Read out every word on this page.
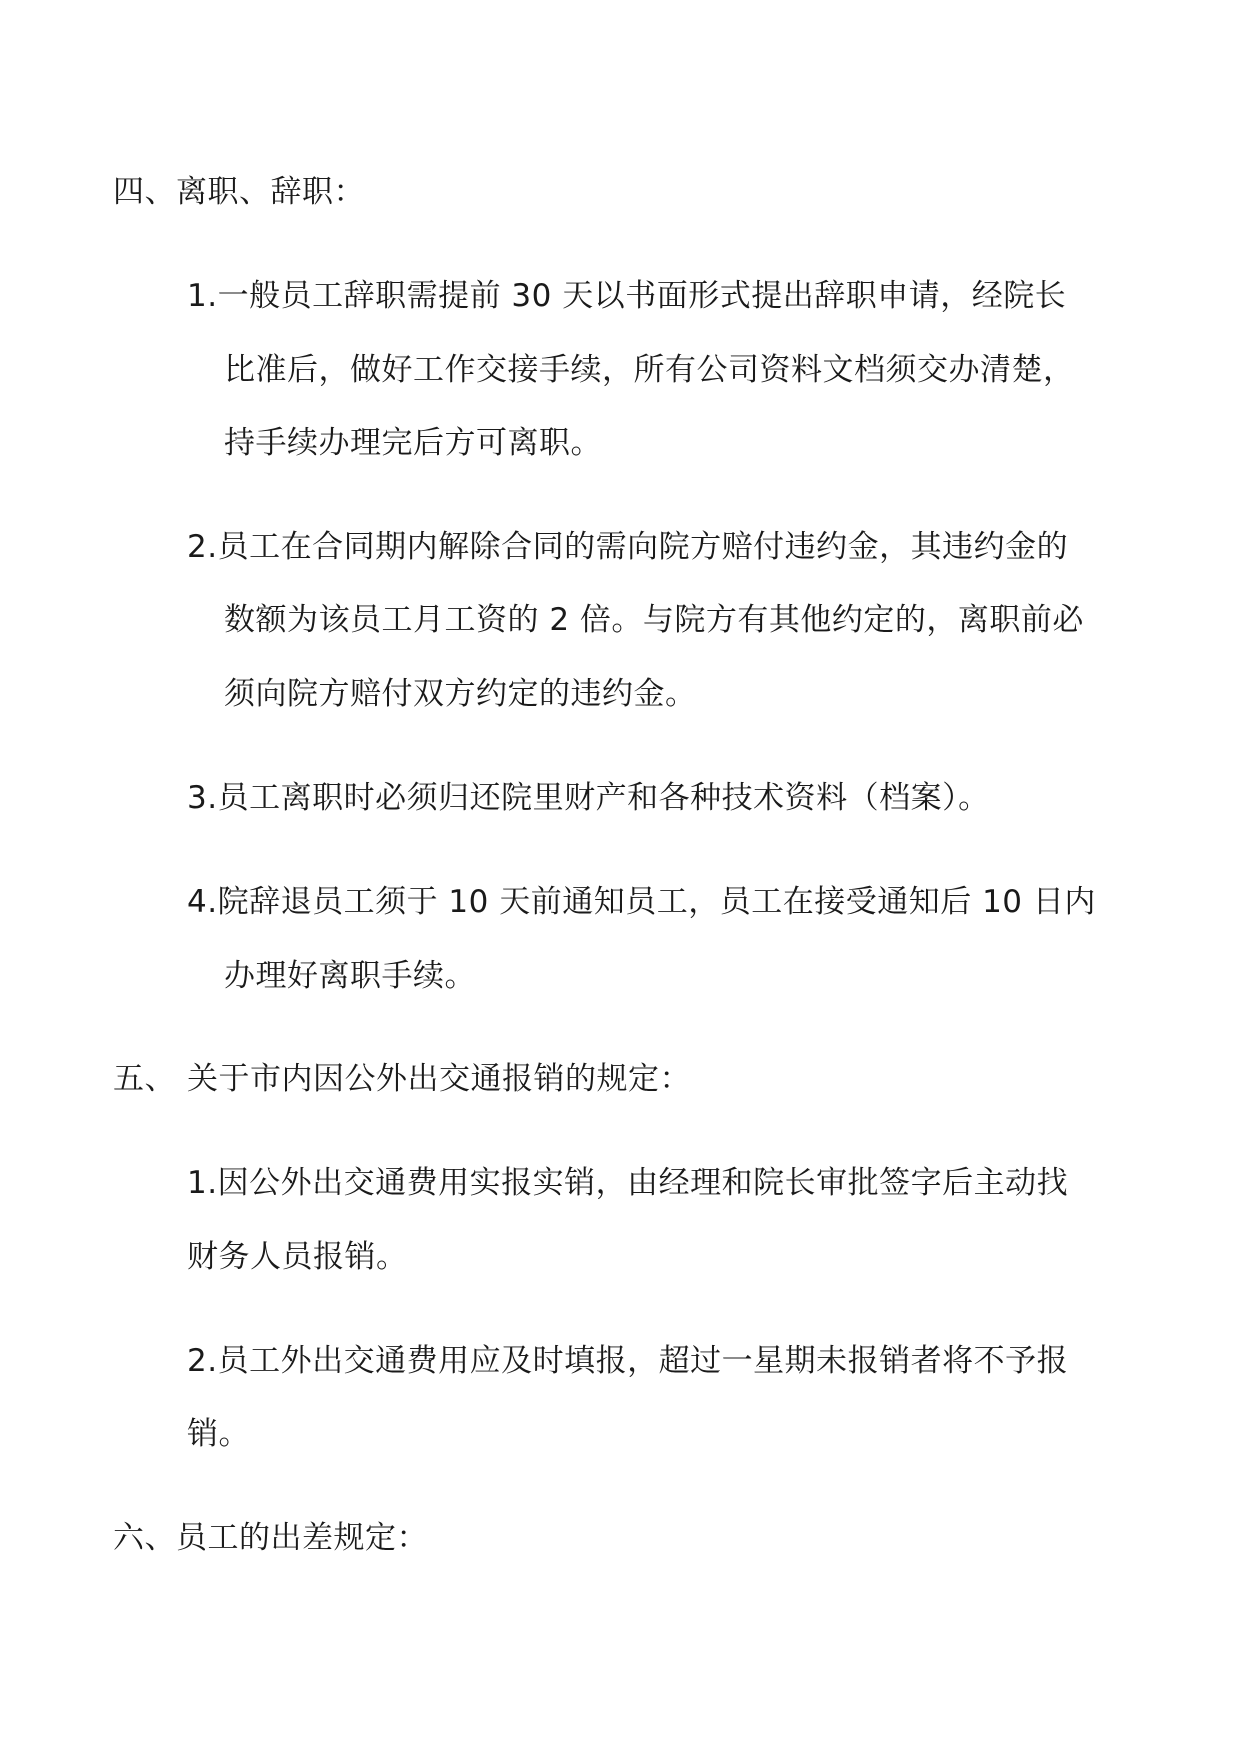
四、离职、辞职：
1.一般员工辞职需提前 30 天以书面形式提出辞职申请，经院长
比准后，做好工作交接手续，所有公司资料文档须交办清楚，
持手续办理完后方可离职。
2.员工在合同期内解除合同的需向院方赔付违约金，其违约金的
数额为该员工月工资的 2 倍。与院方有其他约定的，离职前必
须向院方赔付双方约定的违约金。
3.员工离职时必须归还院里财产和各种技术资料（档案）。
4.院辞退员工须于 10 天前通知员工，员工在接受通知后 10 日内
办理好离职手续。
五、 关于市内因公外出交通报销的规定：
1.因公外出交通费用实报实销，由经理和院长审批签字后主动找
财务人员报销。
2.员工外出交通费用应及时填报，超过一星期未报销者将不予报
销。
六、员工的出差规定：
